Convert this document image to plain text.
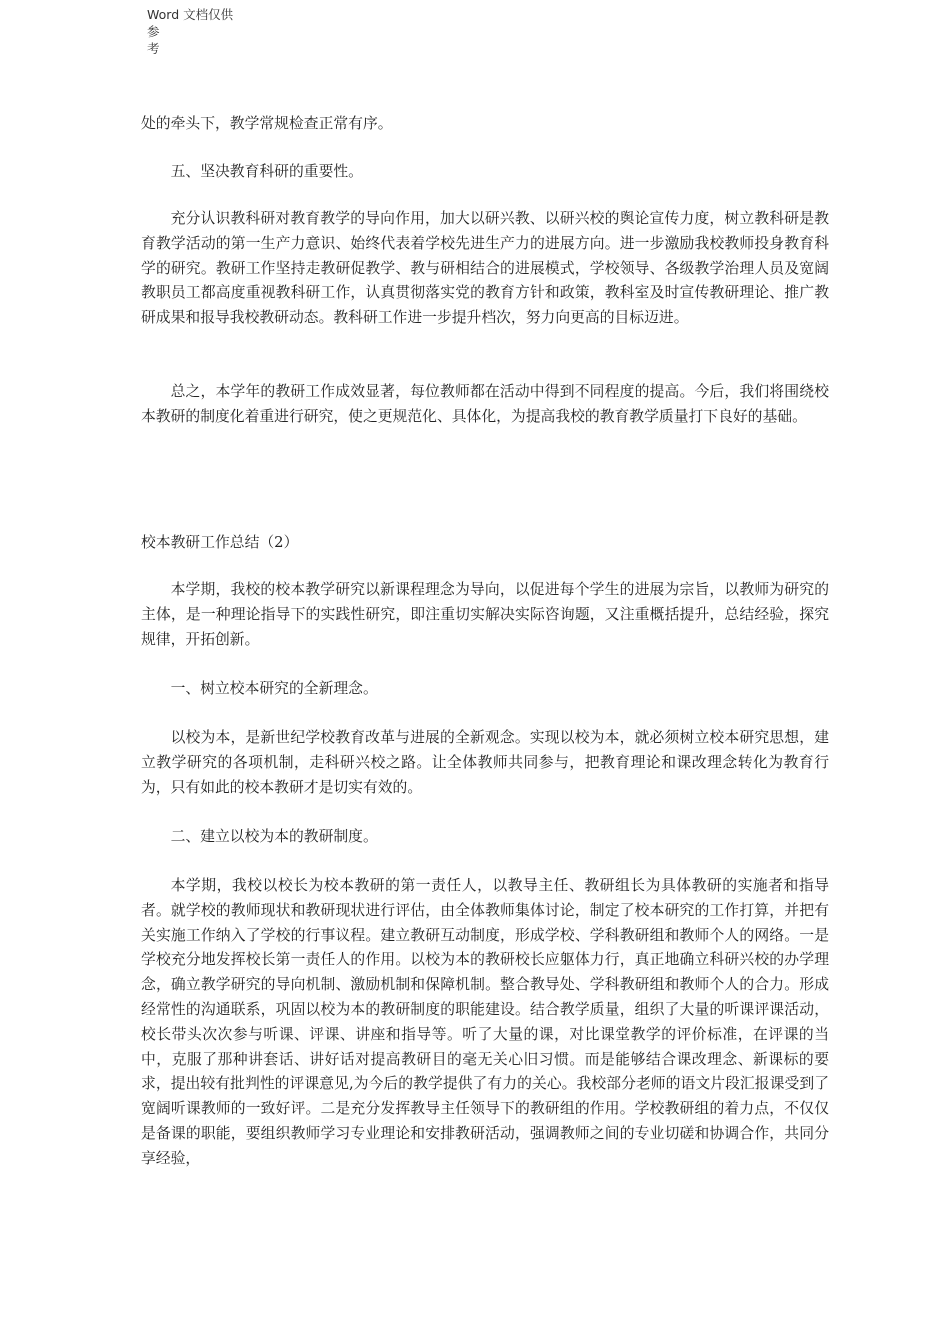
Word 文档仅供参
考

处的牵头下，教学常规检查正常有序。

五、坚决教育科研的重要性。

充分认识教科研对教育教学的导向作用，加大以研兴教、以研兴校的舆论宣传力度，树立教科研是教育教学活动的第一生产力意识、始终代表着学校先进生产力的进展方向。进一步激励我校教师投身教育科学的研究。教研工作坚持走教研促教学、教与研相结合的进展模式，学校领导、各级教学治理人员及宽阔教职员工都高度重视教科研工作，认真贯彻落实党的教育方针和政策，教科室及时宣传教研理论、推广教研成果和报导我校教研动态。教科研工作进一步提升档次，努力向更高的目标迈进。

总之，本学年的教研工作成效显著，每位教师都在活动中得到不同程度的提高。今后，我们将围绕校本教研的制度化着重进行研究，使之更规范化、具体化，为提高我校的教育教学质量打下良好的基础。

校本教研工作总结（2）

本学期，我校的校本教学研究以新课程理念为导向，以促进每个学生的进展为宗旨，以教师为研究的主体，是一种理论指导下的实践性研究，即注重切实解决实际咨询题，又注重概括提升，总结经验，探究规律，开拓创新。

一、树立校本研究的全新理念。

以校为本，是新世纪学校教育改革与进展的全新观念。实现以校为本，就必须树立校本研究思想，建立教学研究的各项机制，走科研兴校之路。让全体教师共同参与，把教育理论和课改理念转化为教育行为，只有如此的校本教研才是切实有效的。

二、建立以校为本的教研制度。

本学期，我校以校长为校本教研的第一责任人，以教导主任、教研组长为具体教研的实施者和指导者。就学校的教师现状和教研现状进行评估，由全体教师集体讨论，制定了校本研究的工作打算，并把有关实施工作纳入了学校的行事议程。建立教研互动制度，形成学校、学科教研组和教师个人的网络。一是学校充分地发挥校长第一责任人的作用。以校为本的教研校长应躯体力行，真正地确立科研兴校的办学理念，确立教学研究的导向机制、激励机制和保障机制。整合教导处、学科教研组和教师个人的合力。形成经常性的沟通联系，巩固以校为本的教研制度的职能建设。结合教学质量，组织了大量的听课评课活动，校长带头次次参与听课、评课、讲座和指导等。听了大量的课，对比课堂教学的评价标准，在评课的当中，克服了那种讲套话、讲好话对提高教研目的毫无关心旧习惯。而是能够结合课改理念、新课标的要求，提出较有批判性的评课意见,为今后的教学提供了有力的关心。我校部分老师的语文片段汇报课受到了宽阔听课教师的一致好评。二是充分发挥教导主任领导下的教研组的作用。学校教研组的着力点，不仅仅是备课的职能，要组织教师学习专业理论和安排教研活动，强调教师之间的专业切磋和协调合作，共同分享经验，
